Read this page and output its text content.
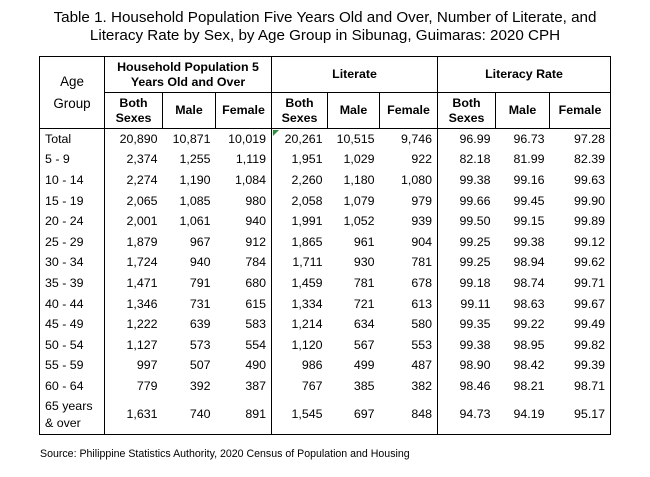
Table 1. Household Population Five Years Old and Over, Number of Literate, and
Literacy Rate by Sex, by Age Group in Sibunag, Guimaras: 2020 CPH
Age Group	Household Population 5 Years Old and Over			Literate			Literacy Rate		
	Both Sexes	Male	Female	Both Sexes	Male	Female	Both Sexes	Male	Female
Total	20,890	10,871	10,019	20,261	10,515	9,746	96.99	96.73	97.28
5 - 9	2,374	1,255	1,119	1,951	1,029	922	82.18	81.99	82.39
10 - 14	2,274	1,190	1,084	2,260	1,180	1,080	99.38	99.16	99.63
15 - 19	2,065	1,085	980	2,058	1,079	979	99.66	99.45	99.90
20 - 24	2,001	1,061	940	1,991	1,052	939	99.50	99.15	99.89
25 - 29	1,879	967	912	1,865	961	904	99.25	99.38	99.12
30 - 34	1,724	940	784	1,711	930	781	99.25	98.94	99.62
35 - 39	1,471	791	680	1,459	781	678	99.18	98.74	99.71
40 - 44	1,346	731	615	1,334	721	613	99.11	98.63	99.67
45 - 49	1,222	639	583	1,214	634	580	99.35	99.22	99.49
50 - 54	1,127	573	554	1,120	567	553	99.38	98.95	99.82
55 - 59	997	507	490	986	499	487	98.90	98.42	99.39
60 - 64	779	392	387	767	385	382	98.46	98.21	98.71
65 years & over	1,631	740	891	1,545	697	848	94.73	94.19	95.17
Source: Philippine Statistics Authority, 2020 Census of Population and Housing
